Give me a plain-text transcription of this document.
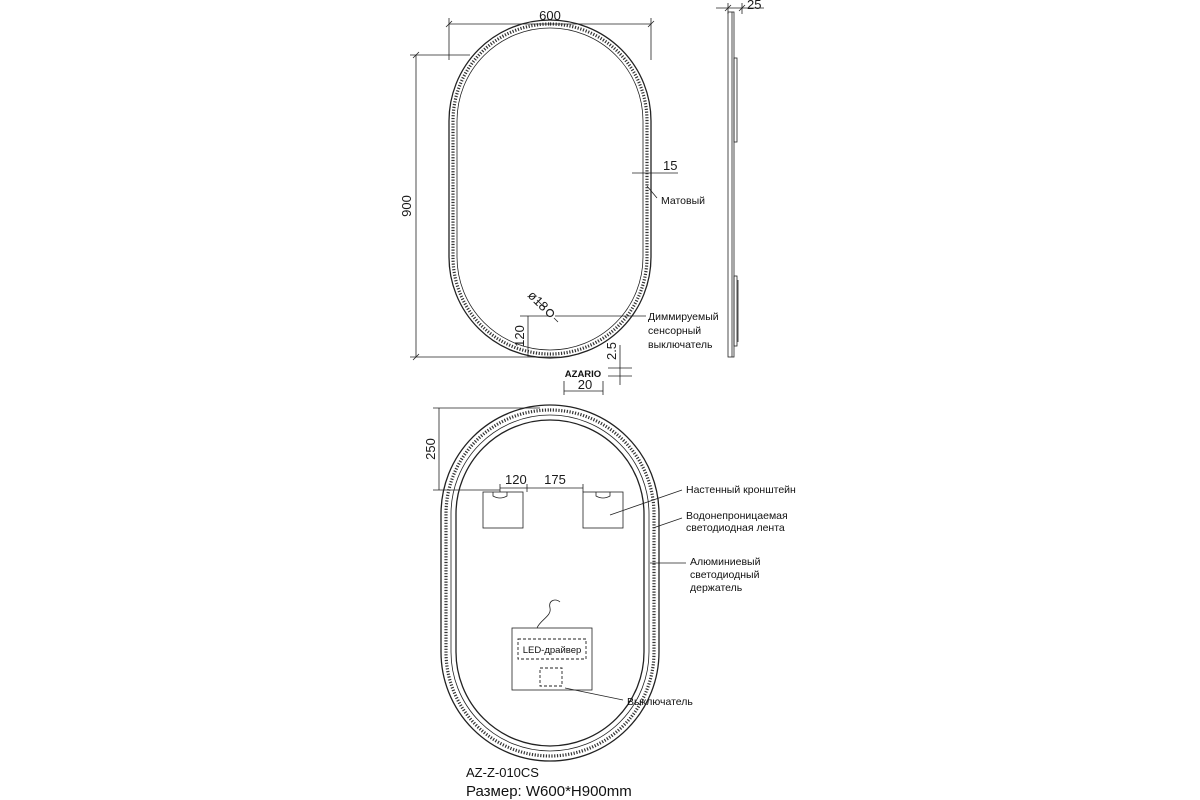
600
900
15
Матовый
ø18
Диммируемый
сенсорный
выключатель
120
AZARIO
2.5
20
25
250
120 175
Настенный кронштейн
Водонепроницаемая
светодиодная лента
Алюминиевый
светодиодный
держатель
LED-драйвер
Выключатель
AZ-Z-010CS
Размер: W600*H900mm
